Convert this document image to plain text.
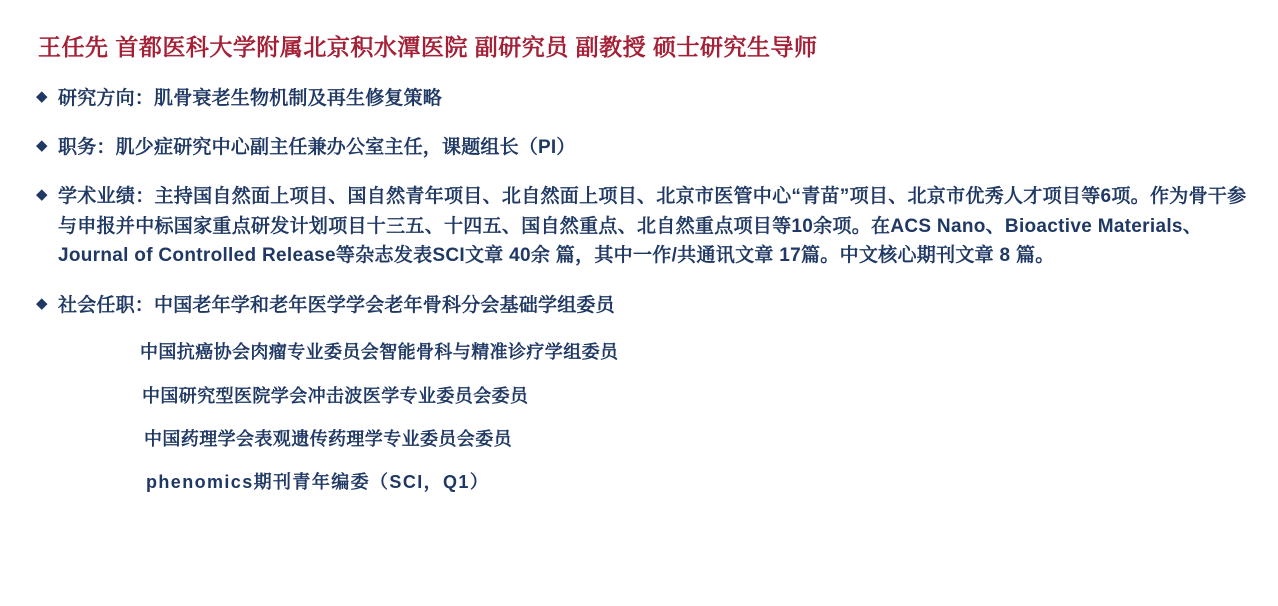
王任先 首都医科大学附属北京积水潭医院 副研究员 副教授 硕士研究生导师
◆ 研究方向：肌骨衰老生物机制及再生修复策略
◆ 职务：肌少症研究中心副主任兼办公室主任，课题组长（PI）
◆ 学术业绩：主持国自然面上项目、国自然青年项目、北自然面上项目、北京市医管中心“青苗”项目、北京市优秀人才项目等6项。作为骨干参与申报并中标国家重点研发计划项目十三五、十四五、国自然重点、北自然重点项目等10余项。在ACS Nano、Bioactive Materials、Journal of Controlled Release等杂志发表SCI文章 40余 篇，其中一作/共通讯文章 17篇。中文核心期刊文章 8 篇。
◆ 社会任职：中国老年学和老年医学学会老年骨科分会基础学组委员
中国抗癌协会肉瘤专业委员会智能骨科与精准诊疗学组委员
中国研究型医院学会冲击波医学专业委员会委员
中国药理学会表观遗传药理学专业委员会委员
phenomics期刊青年编委（SCI，Q1）
